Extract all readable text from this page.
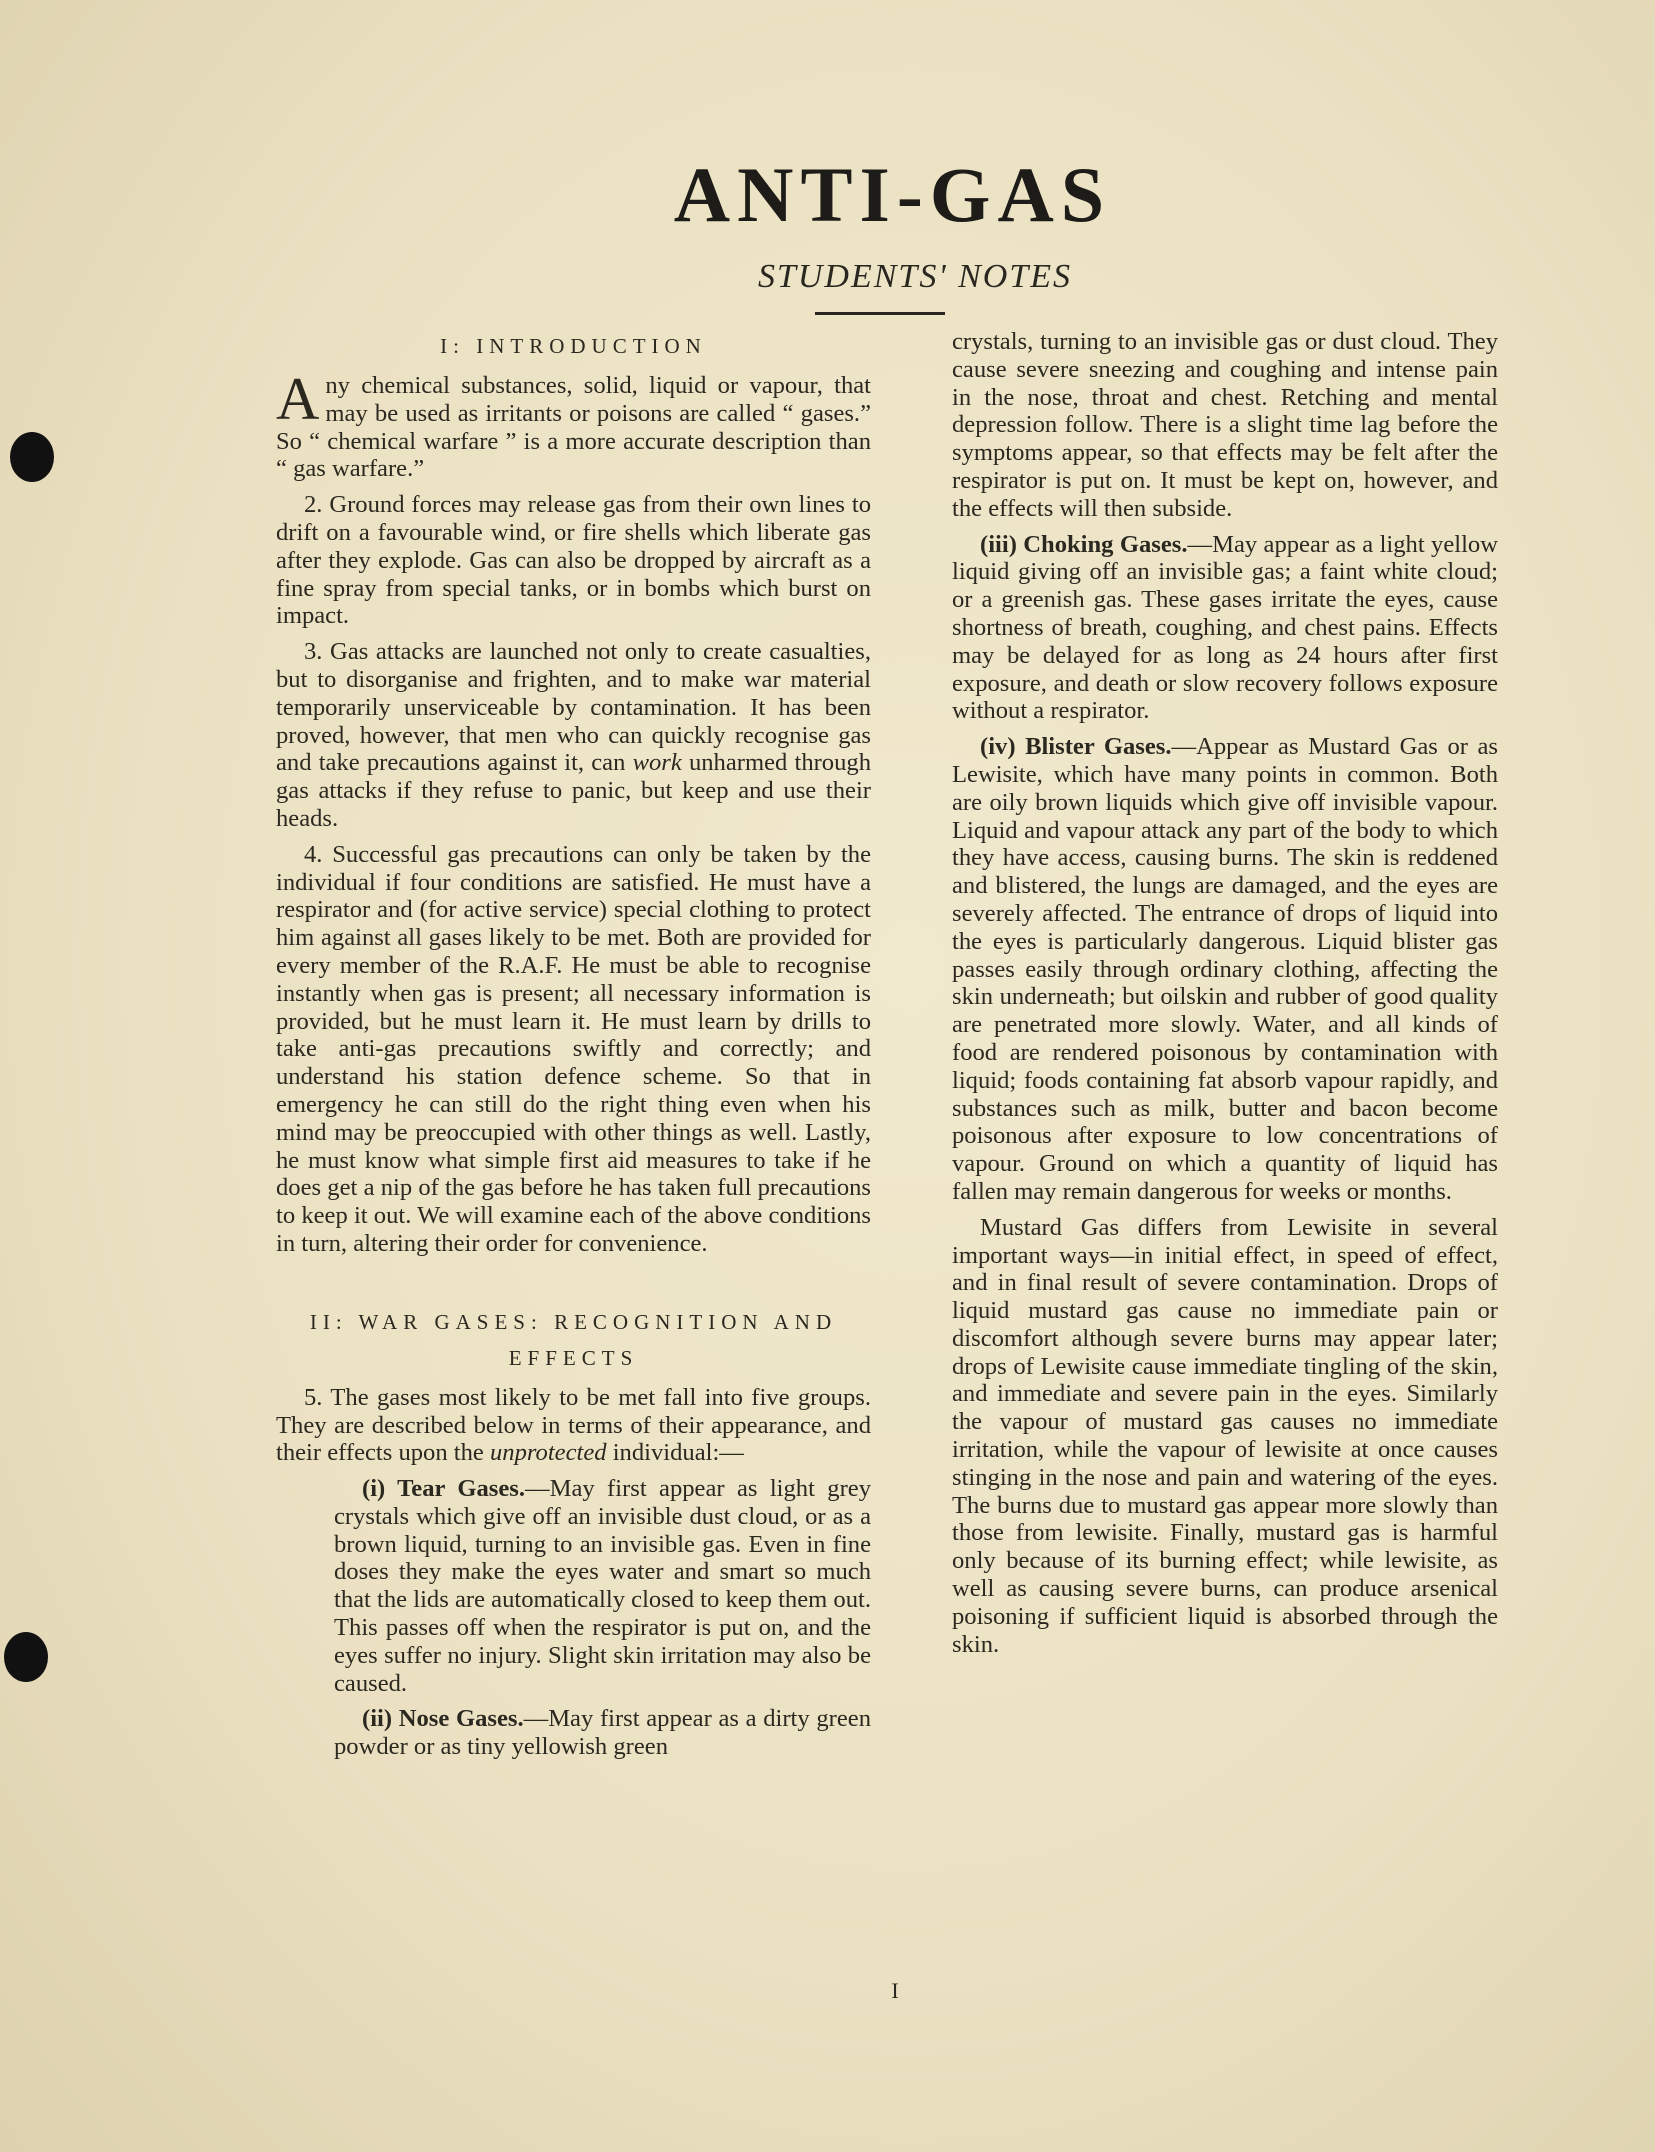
ANTI-GAS
STUDENTS' NOTES
I: INTRODUCTION

Any chemical substances, solid, liquid or vapour, that may be used as irritants or poisons are called “ gases.” So “ chemical warfare ” is a more accurate description than “ gas warfare.”

2. Ground forces may release gas from their own lines to drift on a favourable wind, or fire shells which liberate gas after they explode. Gas can also be dropped by aircraft as a fine spray from special tanks, or in bombs which burst on impact.

3. Gas attacks are launched not only to create casualties, but to disorganise and frighten, and to make war material temporarily unserviceable by contamination. It has been proved, however, that men who can quickly recognise gas and take precautions against it, can work unharmed through gas attacks if they refuse to panic, but keep and use their heads.

4. Successful gas precautions can only be taken by the individual if four conditions are satisfied. He must have a respirator and (for active service) special clothing to protect him against all gases likely to be met. Both are provided for every member of the R.A.F. He must be able to recognise instantly when gas is present; all necessary information is provided, but he must learn it. He must learn by drills to take anti-gas precautions swiftly and correctly; and understand his station defence scheme. So that in emergency he can still do the right thing even when his mind may be preoccupied with other things as well. Lastly, he must know what simple first aid measures to take if he does get a nip of the gas before he has taken full precautions to keep it out. We will examine each of the above conditions in turn, altering their order for convenience.

II: WAR GASES: RECOGNITION AND
EFFECTS

5. The gases most likely to be met fall into five groups. They are described below in terms of their appearance, and their effects upon the unprotected individual:—

(i) Tear Gases.—May first appear as light grey crystals which give off an invisible dust cloud, or as a brown liquid, turning to an invisible gas. Even in fine doses they make the eyes water and smart so much that the lids are automatically closed to keep them out. This passes off when the respirator is put on, and the eyes suffer no injury. Slight skin irritation may also be caused.

(ii) Nose Gases.—May first appear as a dirty green powder or as tiny yellowish green

crystals, turning to an invisible gas or dust cloud. They cause severe sneezing and coughing and intense pain in the nose, throat and chest. Retching and mental depression follow. There is a slight time lag before the symptoms appear, so that effects may be felt after the respirator is put on. It must be kept on, however, and the effects will then subside.

(iii) Choking Gases.—May appear as a light yellow liquid giving off an invisible gas; a faint white cloud; or a greenish gas. These gases irritate the eyes, cause shortness of breath, coughing, and chest pains. Effects may be delayed for as long as 24 hours after first exposure, and death or slow recovery follows exposure without a respirator.

(iv) Blister Gases.—Appear as Mustard Gas or as Lewisite, which have many points in common. Both are oily brown liquids which give off invisible vapour. Liquid and vapour attack any part of the body to which they have access, causing burns. The skin is reddened and blistered, the lungs are damaged, and the eyes are severely affected. The entrance of drops of liquid into the eyes is particularly dangerous. Liquid blister gas passes easily through ordinary clothing, affecting the skin underneath; but oilskin and rubber of good quality are penetrated more slowly. Water, and all kinds of food are rendered poisonous by contamination with liquid; foods containing fat absorb vapour rapidly, and substances such as milk, butter and bacon become poisonous after exposure to low concentrations of vapour. Ground on which a quantity of liquid has fallen may remain dangerous for weeks or months.

Mustard Gas differs from Lewisite in several important ways—in initial effect, in speed of effect, and in final result of severe contamination. Drops of liquid mustard gas cause no immediate pain or discomfort although severe burns may appear later; drops of Lewisite cause immediate tingling of the skin, and immediate and severe pain in the eyes. Similarly the vapour of mustard gas causes no immediate irritation, while the vapour of lewisite at once causes stinging in the nose and pain and watering of the eyes. The burns due to mustard gas appear more slowly than those from lewisite. Finally, mustard gas is harmful only because of its burning effect; while lewisite, as well as causing severe burns, can produce arsenical poisoning if sufficient liquid is absorbed through the skin.

I
